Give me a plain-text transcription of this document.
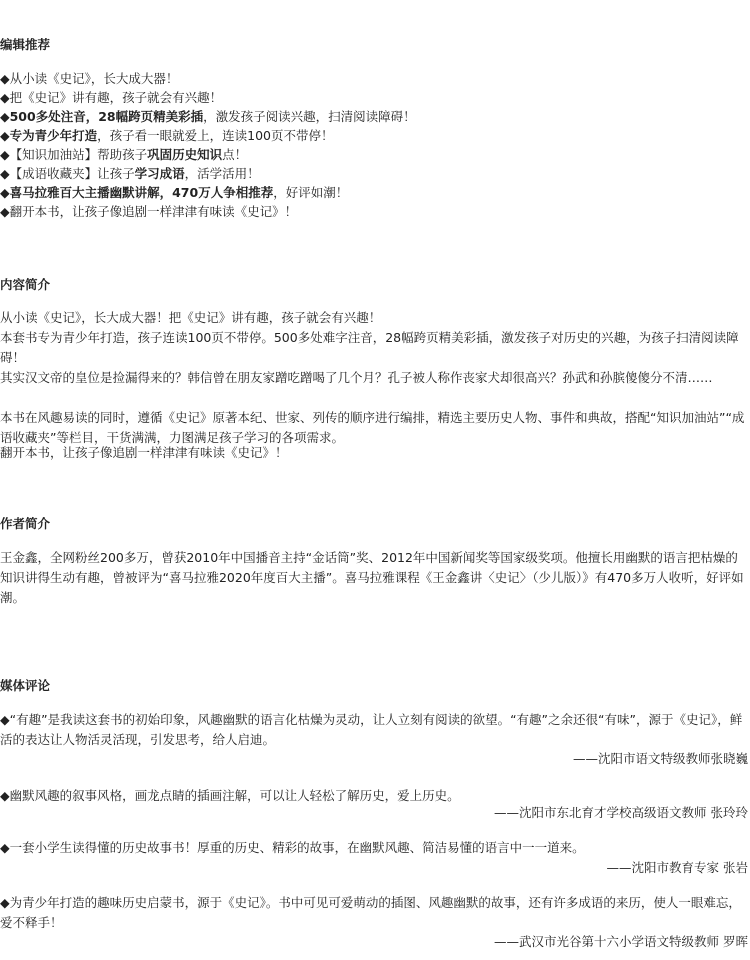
编辑推荐
◆从小读《史记》，长大成大器！
◆把《史记》讲有趣，孩子就会有兴趣！
◆500多处注音，28幅跨页精美彩插，激发孩子阅读兴趣，扫清阅读障碍！
◆专为青少年打造，孩子看一眼就爱上，连读100页不带停！
◆【知识加油站】帮助孩子巩固历史知识点！
◆【成语收藏夹】让孩子学习成语，活学活用！
◆喜马拉雅百大主播幽默讲解，470万人争相推荐，好评如潮！
◆翻开本书，让孩子像追剧一样津津有味读《史记》！
内容简介
从小读《史记》，长大成大器！把《史记》讲有趣，孩子就会有兴趣！
本套书专为青少年打造，孩子连读100页不带停。500多处难字注音，28幅跨页精美彩插，激发孩子对历史的兴趣，为孩子扫清阅读障碍！
其实汉文帝的皇位是捡漏得来的？韩信曾在朋友家蹭吃蹭喝了几个月？孔子被人称作丧家犬却很高兴？孙武和孙膑傻傻分不清……
本书在风趣易读的同时，遵循《史记》原著本纪、世家、列传的顺序进行编排，精选主要历史人物、事件和典故，搭配“知识加油站”“成语收藏夹”等栏目，干货满满，力图满足孩子学习的各项需求。
翻开本书，让孩子像追剧一样津津有味读《史记》！
作者简介
王金鑫，全网粉丝200多万，曾获2010年中国播音主持“金话筒”奖、2012年中国新闻奖等国家级奖项。他擅长用幽默的语言把枯燥的知识讲得生动有趣，曾被评为“喜马拉雅2020年度百大主播”。喜马拉雅课程《王金鑫讲〈史记〉（少儿版）》有470多万人收听，好评如潮。
媒体评论
◆“有趣”是我读这套书的初始印象，风趣幽默的语言化枯燥为灵动，让人立刻有阅读的欲望。“有趣”之余还很“有味”，源于《史记》，鲜活的表达让人物活灵活现，引发思考，给人启迪。
——沈阳市语文特级教师张晓巍
◆幽默风趣的叙事风格，画龙点睛的插画注解，可以让人轻松了解历史，爱上历史。
——沈阳市东北育才学校高级语文教师 张玲玲
◆一套小学生读得懂的历史故事书！厚重的历史、精彩的故事，在幽默风趣、简洁易懂的语言中一一道来。
——沈阳市教育专家 张岩
◆为青少年打造的趣味历史启蒙书，源于《史记》。书中可见可爱萌动的插图、风趣幽默的故事，还有许多成语的来历，使人一眼难忘，爱不释手！
——武汉市光谷第十六小学语文特级教师 罗晖
